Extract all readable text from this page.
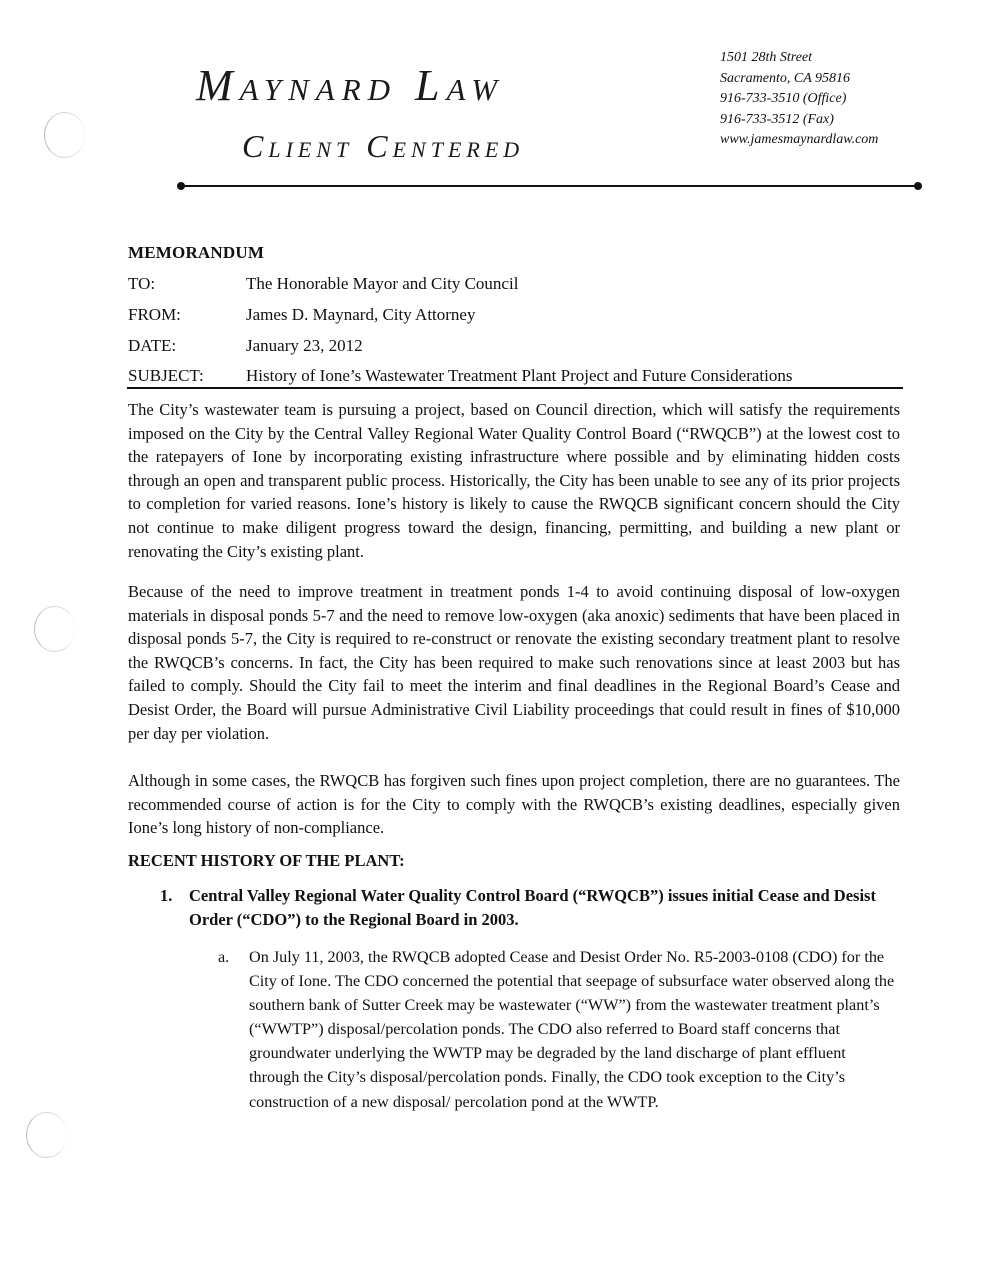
Maynard Law
Client Centered
1501 28th Street
Sacramento, CA 95816
916-733-3510 (Office)
916-733-3512 (Fax)
www.jamesmaynardlaw.com
MEMORANDUM
TO:	The Honorable Mayor and City Council
FROM:	James D. Maynard, City Attorney
DATE:	January 23, 2012
SUBJECT: History of Ione’s Wastewater Treatment Plant Project and Future Considerations
The City’s wastewater team is pursuing a project, based on Council direction, which will satisfy the requirements imposed on the City by the Central Valley Regional Water Quality Control Board (“RWQCB”) at the lowest cost to the ratepayers of Ione by incorporating existing infrastructure where possible and by eliminating hidden costs through an open and transparent public process. Historically, the City has been unable to see any of its prior projects to completion for varied reasons. Ione’s history is likely to cause the RWQCB significant concern should the City not continue to make diligent progress toward the design, financing, permitting, and building a new plant or renovating the City’s existing plant.
Because of the need to improve treatment in treatment ponds 1-4 to avoid continuing disposal of low-oxygen materials in disposal ponds 5-7 and the need to remove low-oxygen (aka anoxic) sediments that have been placed in disposal ponds 5-7, the City is required to re-construct or renovate the existing secondary treatment plant to resolve the RWQCB’s concerns. In fact, the City has been required to make such renovations since at least 2003 but has failed to comply. Should the City fail to meet the interim and final deadlines in the Regional Board’s Cease and Desist Order, the Board will pursue Administrative Civil Liability proceedings that could result in fines of $10,000 per day per violation.
Although in some cases, the RWQCB has forgiven such fines upon project completion, there are no guarantees. The recommended course of action is for the City to comply with the RWQCB’s existing deadlines, especially given Ione’s long history of non-compliance.
RECENT HISTORY OF THE PLANT:
1. Central Valley Regional Water Quality Control Board (“RWQCB”) issues initial Cease and Desist Order (“CDO”) to the Regional Board in 2003.
a. On July 11, 2003, the RWQCB adopted Cease and Desist Order No. R5-2003-0108 (CDO) for the City of Ione. The CDO concerned the potential that seepage of subsurface water observed along the southern bank of Sutter Creek may be wastewater (“WW”) from the wastewater treatment plant’s (“WWTP”) disposal/percolation ponds. The CDO also referred to Board staff concerns that groundwater underlying the WWTP may be degraded by the land discharge of plant effluent through the City’s disposal/percolation ponds. Finally, the CDO took exception to the City’s construction of a new disposal/ percolation pond at the WWTP.
